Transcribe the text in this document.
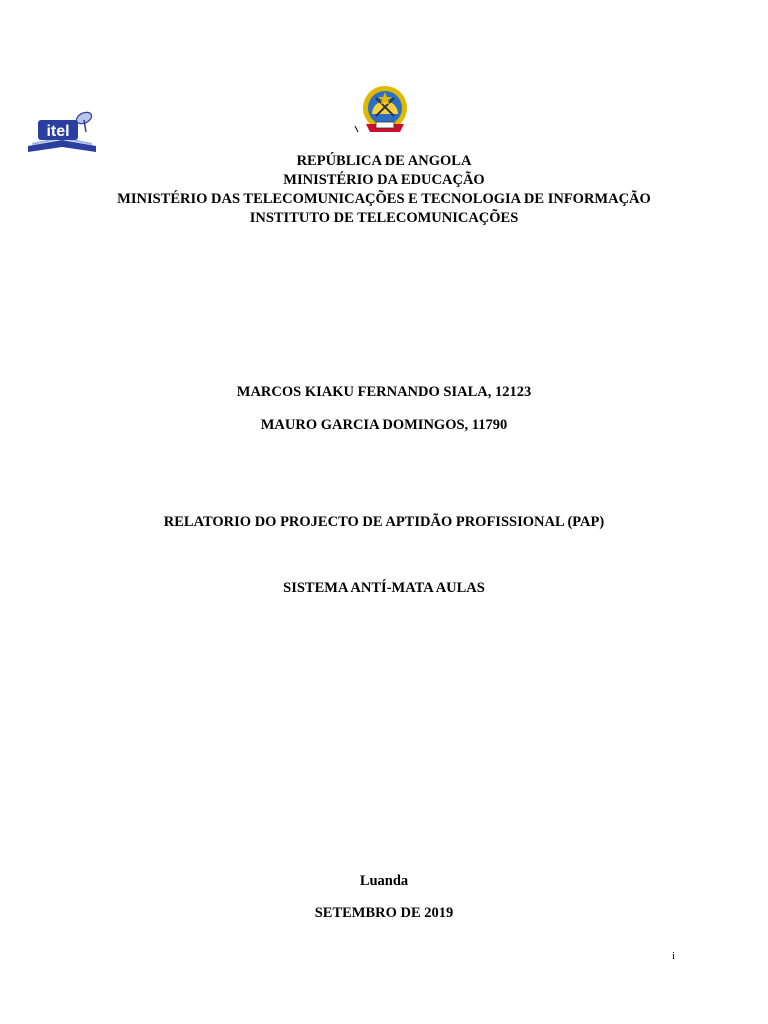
itel
REPÚBLICA DE ANGOLA
MINISTÉRIO DA EDUCAÇÃO
MINISTÉRIO DAS TELECOMUNICAÇÕES E TECNOLOGIA DE INFORMAÇÃO
INSTITUTO DE TELECOMUNICAÇÕES
MARCOS KIAKU FERNANDO SIALA, 12123
MAURO GARCIA DOMINGOS, 11790
RELATORIO DO PROJECTO DE APTIDÃO PROFISSIONAL (PAP)
SISTEMA ANTÍ-MATA AULAS
Luanda
SETEMBRO DE 2019
i
